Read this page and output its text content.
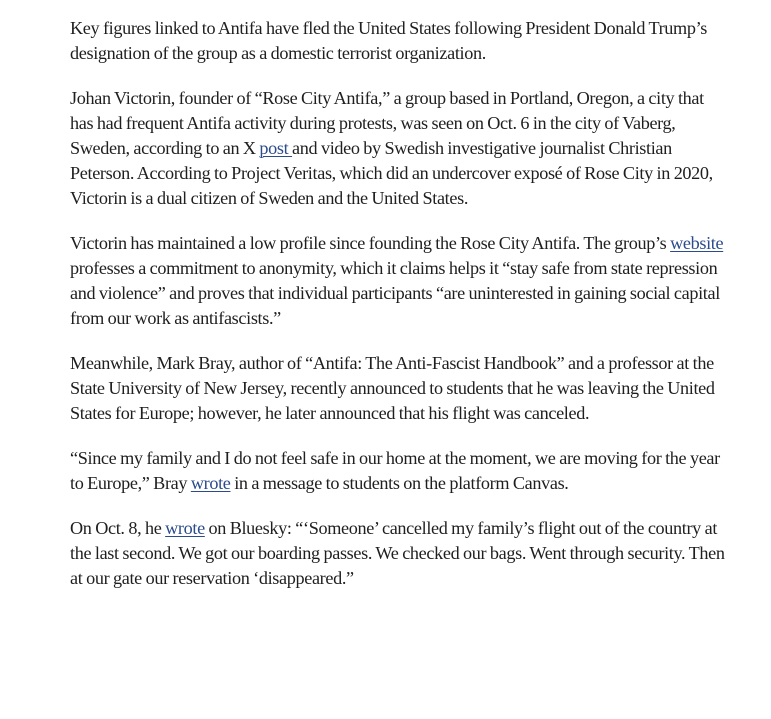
Key figures linked to Antifa have fled the United States following President Donald Trump’s designation of the group as a domestic terrorist organization.

Johan Victorin, founder of “Rose City Antifa,” a group based in Portland, Oregon, a city that has had frequent Antifa activity during protests, was seen on Oct. 6 in the city of Vaberg, Sweden, according to an X post and video by Swedish investigative journalist Christian Peterson. According to Project Veritas, which did an undercover exposé of Rose City in 2020, Victorin is a dual citizen of Sweden and the United States.

Victorin has maintained a low profile since founding the Rose City Antifa. The group’s website professes a commitment to anonymity, which it claims helps it “stay safe from state repression and violence” and proves that individual participants “are uninterested in gaining social capital from our work as antifascists.”

Meanwhile, Mark Bray, author of “Antifa: The Anti-Fascist Handbook” and a professor at the State University of New Jersey, recently announced to students that he was leaving the United States for Europe; however, he later announced that his flight was canceled.

“Since my family and I do not feel safe in our home at the moment, we are moving for the year to Europe,” Bray wrote in a message to students on the platform Canvas.

On Oct. 8, he wrote on Bluesky: “‘Someone’ cancelled my family’s flight out of the country at the last second. We got our boarding passes. We checked our bags. Went through security. Then at our gate our reservation ‘disappeared.”
